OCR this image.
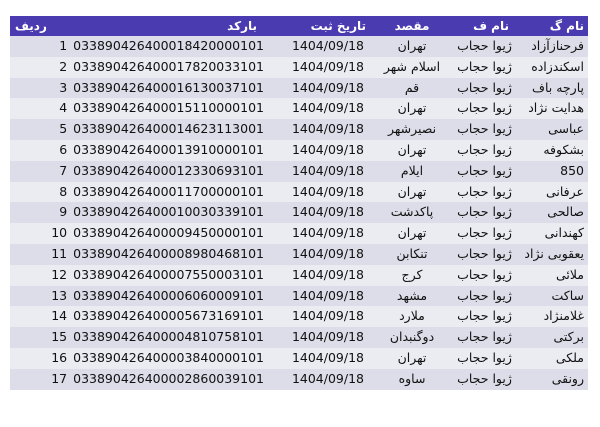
ردیف بارکد	تاریخ ثبت	مقصد	نام ف	نام گ
1 033890426400018420000101	1404/09/18	تهران	ژیوا حجاب	فرحنازآزاد
2 033890426400017820033101	1404/09/18	اسلام شهر	ژیوا حجاب	اسکندزاده
3 033890426400016130037101	1404/09/18	قم	ژیوا حجاب	پارچه باف
4 033890426400015110000101	1404/09/18	تهران	ژیوا حجاب	هدایت نژاد
5 033890426400014623113001	1404/09/18	نصیرشهر	ژیوا حجاب	عباسی
6 033890426400013910000101	1404/09/18	تهران	ژیوا حجاب	بشکوفه
7 033890426400012330693101	1404/09/18	ایلام	ژیوا حجاب	850
8 033890426400011700000101	1404/09/18	تهران	ژیوا حجاب	عرفانی
9 033890426400010030339101	1404/09/18	پاکدشت	ژیوا حجاب	صالحی
10 033890426400009450000101	1404/09/18	تهران	ژیوا حجاب	کهندانی
11 033890426400008980468101	1404/09/18	تنکابن	ژیوا حجاب	یعقوبی نژاد
12 033890426400007550003101	1404/09/18	کرج	ژیوا حجاب	ملائی
13 033890426400006060009101	1404/09/18	مشهد	ژیوا حجاب	ساکت
14 033890426400005673169101	1404/09/18	ملارد	ژیوا حجاب	غلامنژاد
15 033890426400004810758101	1404/09/18	دوگنبدان	ژیوا حجاب	برکتی
16 033890426400003840000101	1404/09/18	تهران	ژیوا حجاب	ملکی
17 033890426400002860039101	1404/09/18	ساوه	ژیوا حجاب	رونقی
